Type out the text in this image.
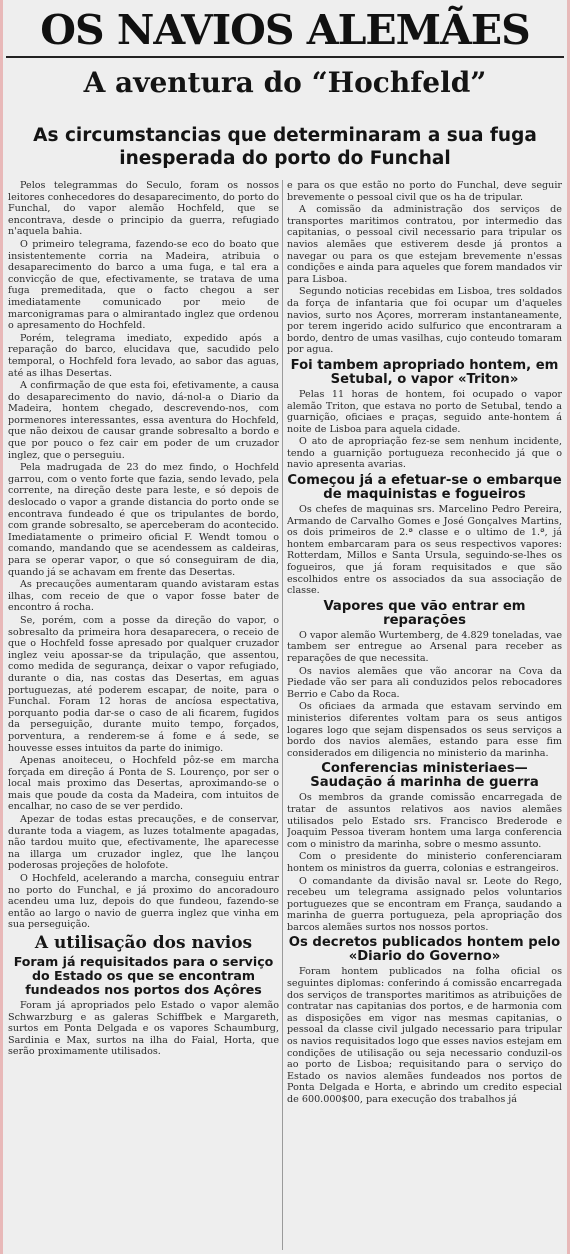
OS NAVIOS ALEMÃES
A aventura do “Hochfeld”
As circumstancias que determinaram a sua fuga inesperada do porto do Funchal

Pelos telegrammas do Seculo, foram os nossos leitores conhecedores do desaparecimento, do porto do Funchal, do vapor alemão Hochfeld, que se encontrava, desde o principio da guerra, refugiado n'aquela bahia.

O primeiro telegrama, fazendo-se eco do boato que insistentemente corria na Madeira, atribuia o desaparecimento do barco a uma fuga, e tal era a convicção de que, efectivamente, se tratava de uma fuga premeditada, que o facto chegou a ser imediatamente comunicado por meio de marconigramas para o almirantado inglez que ordenou o apresamento do Hochfeld.

Porém, telegrama imediato, expedido após a reparação do barco, elucidava que, sacudido pelo temporal, o Hochfeld fora levado, ao sabor das aguas, até as ilhas Desertas.

A confirmação de que esta foi, efetivamente, a causa do desaparecimento do navio, dá-nol-a o Diario da Madeira, hontem chegado, descrevendo-nos, com pormenores interessantes, essa aventura do Hochfeld, que não deixou de causar grande sobresalto a bordo e que por pouco o fez cair em poder de um cruzador inglez, que o perseguiu.

Pela madrugada de 23 do mez findo, o Hochfeld garrou, com o vento forte que fazia, sendo levado, pela corrente, na direção deste para leste, e só depois de deslocado o vapor a grande distancia do porto onde se encontrava fundeado é que os tripulantes de bordo, com grande sobresalto, se aperceberam do acontecido. Imediatamente o primeiro oficial F. Wendt tomou o comando, mandando que se acendessem as caldeiras, para se operar vapor, o que só conseguiram de dia, quando já se achavam em frente das Desertas.

As precauções aumentaram quando avistaram estas ilhas, com receio de que o vapor fosse bater de encontro á rocha.

Se, porém, com a posse da direção do vapor, o sobresalto da primeira hora desaparecera, o receio de que o Hochfeld fosse apresado por qualquer cruzador inglez veiu apossar-se da tripulação, que assentou, como medida de segurança, deixar o vapor refugiado, durante o dia, nas costas das Desertas, em aguas portuguezas, até poderem escapar, de noite, para o Funchal. Foram 12 horas de ancíosa espectativa, porquanto podia dar-se o caso de ali ficarem, fugidos da perseguição, durante muito tempo, forçados, porventura, a renderem-se á fome e á sede, se houvesse esses intuitos da parte do inimigo.

Apenas anoiteceu, o Hochfeld pôz-se em marcha forçada em direção á Ponta de S. Lourenço, por ser o local mais proximo das Desertas, aproximando-se o mais que poude da costa da Madeira, com intuitos de encalhar, no caso de se ver perdido.

Apezar de todas estas precauções, e de conservar, durante toda a viagem, as luzes totalmente apagadas, não tardou muito que, efectivamente, lhe aparecesse na illarga um cruzador inglez, que lhe lançou poderosas projeções de holofote.

O Hochfeld, acelerando a marcha, conseguiu entrar no porto do Funchal, e já proximo do ancoradouro acendeu uma luz, depois do que fundeou, fazendo-se então ao largo o navio de guerra inglez que vinha em sua perseguição.

A utilisação dos navios
Foram já requisitados para o serviço do Estado os que se encontram fundeados nos portos dos Açôres

Foram já apropriados pelo Estado o vapor alemão Schwarzburg e as galeras Schiffbek e Margareth, surtos em Ponta Delgada e os vapores Schaumburg, Sardinia e Max, surtos na ilha do Faial, Horta, que serão proximamente utilisados.

e para os que estão no porto do Funchal, deve seguir brevemente o pessoal civil que os ha de tripular.

A comissão da administração dos serviços de transportes maritimos contratou, por intermedio das capitanias, o pessoal civil necessario para tripular os navios alemães que estiverem desde já prontos a navegar ou para os que estejam brevemente n'essas condições e ainda para aqueles que forem mandados vir para Lisboa.

Segundo noticias recebidas em Lisboa, tres soldados da força de infantaria que foi ocupar um d'aqueles navios, surto nos Açores, morreram instantaneamente, por terem ingerido acido sulfurico que encontraram a bordo, dentro de umas vasilhas, cujo conteudo tomaram por agua.

Foi tambem apropriado hontem, em Setubal, o vapor «Triton»

Pelas 11 horas de hontem, foi ocupado o vapor alemão Triton, que estava no porto de Setubal, tendo a guarnição, oficiaes e praças, seguido ante-hontem á noite de Lisboa para aquela cidade.

O ato de apropriação fez-se sem nenhum incidente, tendo a guarnição portugueza reconhecido já que o navio apresenta avarias.

Começou já a efetuar-se o embarque de maquinistas e fogueiros

Os chefes de maquinas srs. Marcelino Pedro Pereira, Armando de Carvalho Gomes e José Gonçalves Martins, os dois primeiros de 2.ª classe e o ultimo de 1.ª, já hontem embarcaram para os seus respectivos vapores: Rotterdam, Millos e Santa Ursula, seguindo-se-lhes os fogueiros, que já foram requisitados e que são escolhidos entre os associados da sua associação de classe.

Vapores que vão entrar em reparações

O vapor alemão Wurtemberg, de 4.829 toneladas, vae tambem ser entregue ao Arsenal para receber as reparações de que necessita.

Os navios alemães que vão ancorar na Cova da Piedade vão ser para ali conduzidos pelos rebocadores Berrio e Cabo da Roca.

Os oficiaes da armada que estavam servindo em ministerios diferentes voltam para os seus antigos logares logo que sejam dispensados os seus serviços a bordo dos navios alemães, estando para esse fim considerados em diligencia no ministerio da marinha.

Conferencias ministeriaes—Saudação á marinha de guerra

Os membros da grande comissão encarregada de tratar de assuntos relativos aos navios alemães utilisados pelo Estado srs. Francisco Brederode e Joaquim Pessoa tiveram hontem uma larga conferencia com o ministro da marinha, sobre o mesmo assunto.

Com o presidente do ministerio conferenciaram hontem os ministros da guerra, colonias e estrangeiros.

O comandante da divisão naval sr. Leote do Rego, recebeu um telegrama assignado pelos voluntarios portuguezes que se encontram em França, saudando a marinha de guerra portugueza, pela apropriação dos barcos alemães surtos nos nossos portos.

Os decretos publicados hontem pelo «Diario do Governo»

Foram hontem publicados na folha oficial os seguintes diplomas: conferindo á comissão encarregada dos serviços de transportes maritimos as atribuições de contratar nas capitanias dos portos, e de harmonia com as disposições em vigor nas mesmas capitanias, o pessoal da classe civil julgado necessario para tripular os navios requisitados logo que esses navios estejam em condições de utilisação ou seja necessario conduzil-os ao porto de Lisboa; requisitando para o serviço do Estado os navios alemães fundeados nos portos de Ponta Delgada e Horta, e abrindo um credito especial de 600.000$00, para execução dos trabalhos já
